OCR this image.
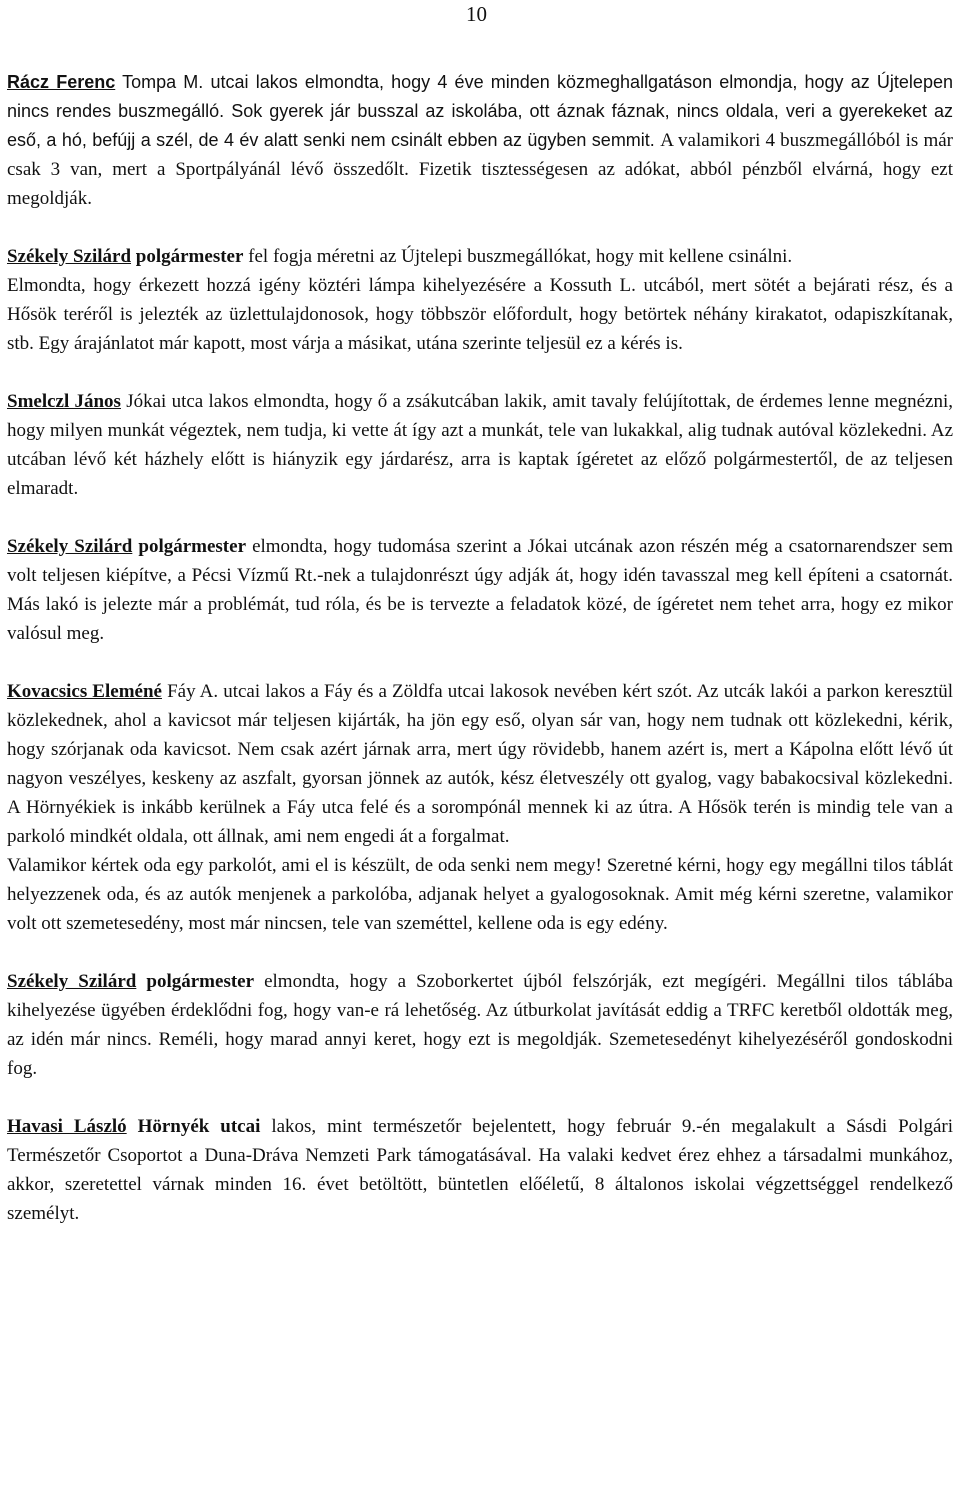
10

Rácz Ferenc Tompa M. utcai lakos elmondta, hogy 4 éve minden közmeghallgatáson elmondja, hogy az Újtelepen nincs rendes buszmegálló. Sok gyerek jár busszal az iskolába, ott áznak fáznak, nincs oldala, veri a gyerekeket az eső, a hó, befújj a szél, de 4 év alatt senki nem csinált ebben az ügyben semmit. A valamikori 4 buszmegállóból is már csak 3 van, mert a Sportpályánál lévő összedőlt. Fizetik tisztességesen az adókat, abból pénzből elvárná, hogy ezt megoldják.

Székely Szilárd polgármester fel fogja méretni az Újtelepi buszmegállókat, hogy mit kellene csinálni.

Elmondta, hogy érkezett hozzá igény köztéri lámpa kihelyezésére a Kossuth L. utcából, mert sötét a bejárati rész, és a Hősök teréről is jelezték az üzlettulajdonosok, hogy többször előfordult, hogy betörtek néhány kirakatot, odapiszkítanak, stb. Egy árajánlatot már kapott, most várja a másikat, utána szerinte teljesül ez a kérés is.

Smelczl János Jókai utca lakos elmondta, hogy ő a zsákutcában lakik, amit tavaly felújítottak, de érdemes lenne megnézni, hogy milyen munkát végeztek, nem tudja, ki vette át így azt a munkát, tele van lukakkal, alig tudnak autóval közlekedni. Az utcában lévő két házhely előtt is hiányzik egy járdarész, arra is kaptak ígéretet az előző polgármestertől, de az teljesen elmaradt.

Székely Szilárd polgármester elmondta, hogy tudomása szerint a Jókai utcának azon részén még a csatornarendszer sem volt teljesen kiépítve, a Pécsi Vízmű Rt.-nek a tulajdonrészt úgy adják át, hogy idén tavasszal meg kell építeni a csatornát. Más lakó is jelezte már a problémát, tud róla, és be is tervezte a feladatok közé, de ígéretet nem tehet arra, hogy ez mikor valósul meg.

Kovacsics Eleméné Fáy A. utcai lakos a Fáy és a Zöldfa utcai lakosok nevében kért szót. Az utcák lakói a parkon keresztül közlekednek, ahol a kavicsot már teljesen kijárták, ha jön egy eső, olyan sár van, hogy nem tudnak ott közlekedni, kérik, hogy szórjanak oda kavicsot. Nem csak azért járnak arra, mert úgy rövidebb, hanem azért is, mert a Kápolna előtt lévő út nagyon veszélyes, keskeny az aszfalt, gyorsan jönnek az autók, kész életveszély ott gyalog, vagy babakocsival közlekedni. A Hörnyékiek is inkább kerülnek a Fáy utca felé és a sorompónál mennek ki az útra. A Hősök terén is mindig tele van a parkoló mindkét oldala, ott állnak, ami nem engedi át a forgalmat.

Valamikor kértek oda egy parkolót, ami el is készült, de oda senki nem megy! Szeretné kérni, hogy egy megállni tilos táblát helyezzenek oda, és az autók menjenek a parkolóba, adjanak helyet a gyalogosoknak. Amit még kérni szeretne, valamikor volt ott szemetesedény, most már nincsen, tele van szeméttel, kellene oda is egy edény.

Székely Szilárd polgármester elmondta, hogy a Szoborkertet újból felszórják, ezt megígéri. Megállni tilos táblába kihelyezése ügyében érdeklődni fog, hogy van-e rá lehetőség. Az útburkolat javítását eddig a TRFC keretből oldották meg, az idén már nincs. Reméli, hogy marad annyi keret, hogy ezt is megoldják. Szemetesedényt kihelyezéséről gondoskodni fog.

Havasi László Hörnyék utcai lakos, mint természetőr bejelentett, hogy február 9.-én megalakult a Sásdi Polgári Természetőr Csoportot a Duna-Dráva Nemzeti Park támogatásával. Ha valaki kedvet érez ehhez a társadalmi munkához, akkor, szeretettel várnak minden 16. évet betöltött, büntetlen előéletű, 8 általonos iskolai végzettséggel rendelkező személyt.
